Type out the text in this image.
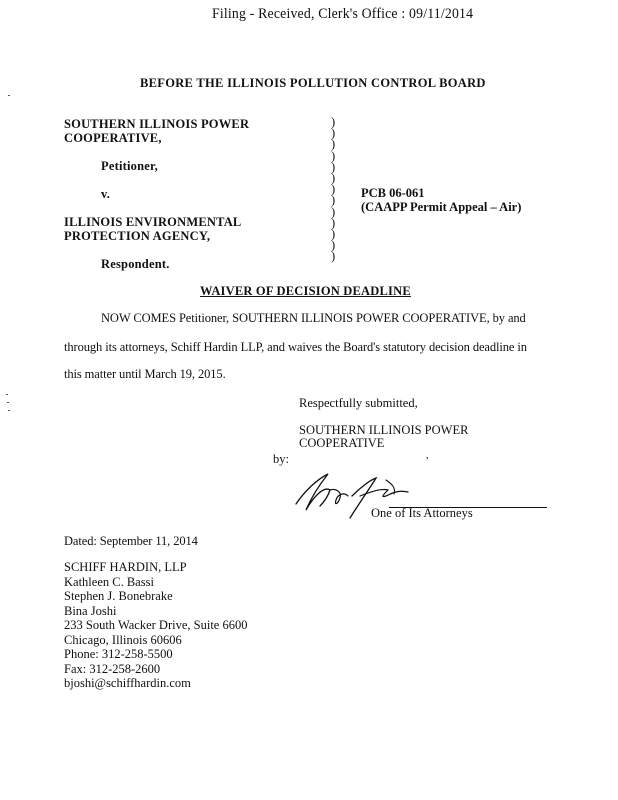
Filing - Received, Clerk's Office : 09/11/2014
BEFORE THE ILLINOIS POLLUTION CONTROL BOARD
SOUTHERN ILLINOIS POWER
COOPERATIVE,
Petitioner,
v.
ILLINOIS ENVIRONMENTAL
PROTECTION AGENCY,
Respondent.
)
)
)
)
)
)
)
)
)
)
)
)
)
PCB 06-061
(CAAPP Permit Appeal – Air)
WAIVER OF DECISION DEADLINE
NOW COMES Petitioner, SOUTHERN ILLINOIS POWER COOPERATIVE, by and
through its attorneys, Schiff Hardin LLP, and waives the Board's statutory decision deadline in
this matter until March 19, 2015.
Respectfully submitted,
SOUTHERN ILLINOIS POWER
COOPERATIVE
by:	,
One of Its Attorneys
Dated: September 11, 2014
SCHIFF HARDIN, LLP
Kathleen C. Bassi
Stephen J. Bonebrake
Bina Joshi
233 South Wacker Drive, Suite 6600
Chicago, Illinois 60606
Phone: 312-258-5500
Fax: 312-258-2600
bjoshi@schiffhardin.com
